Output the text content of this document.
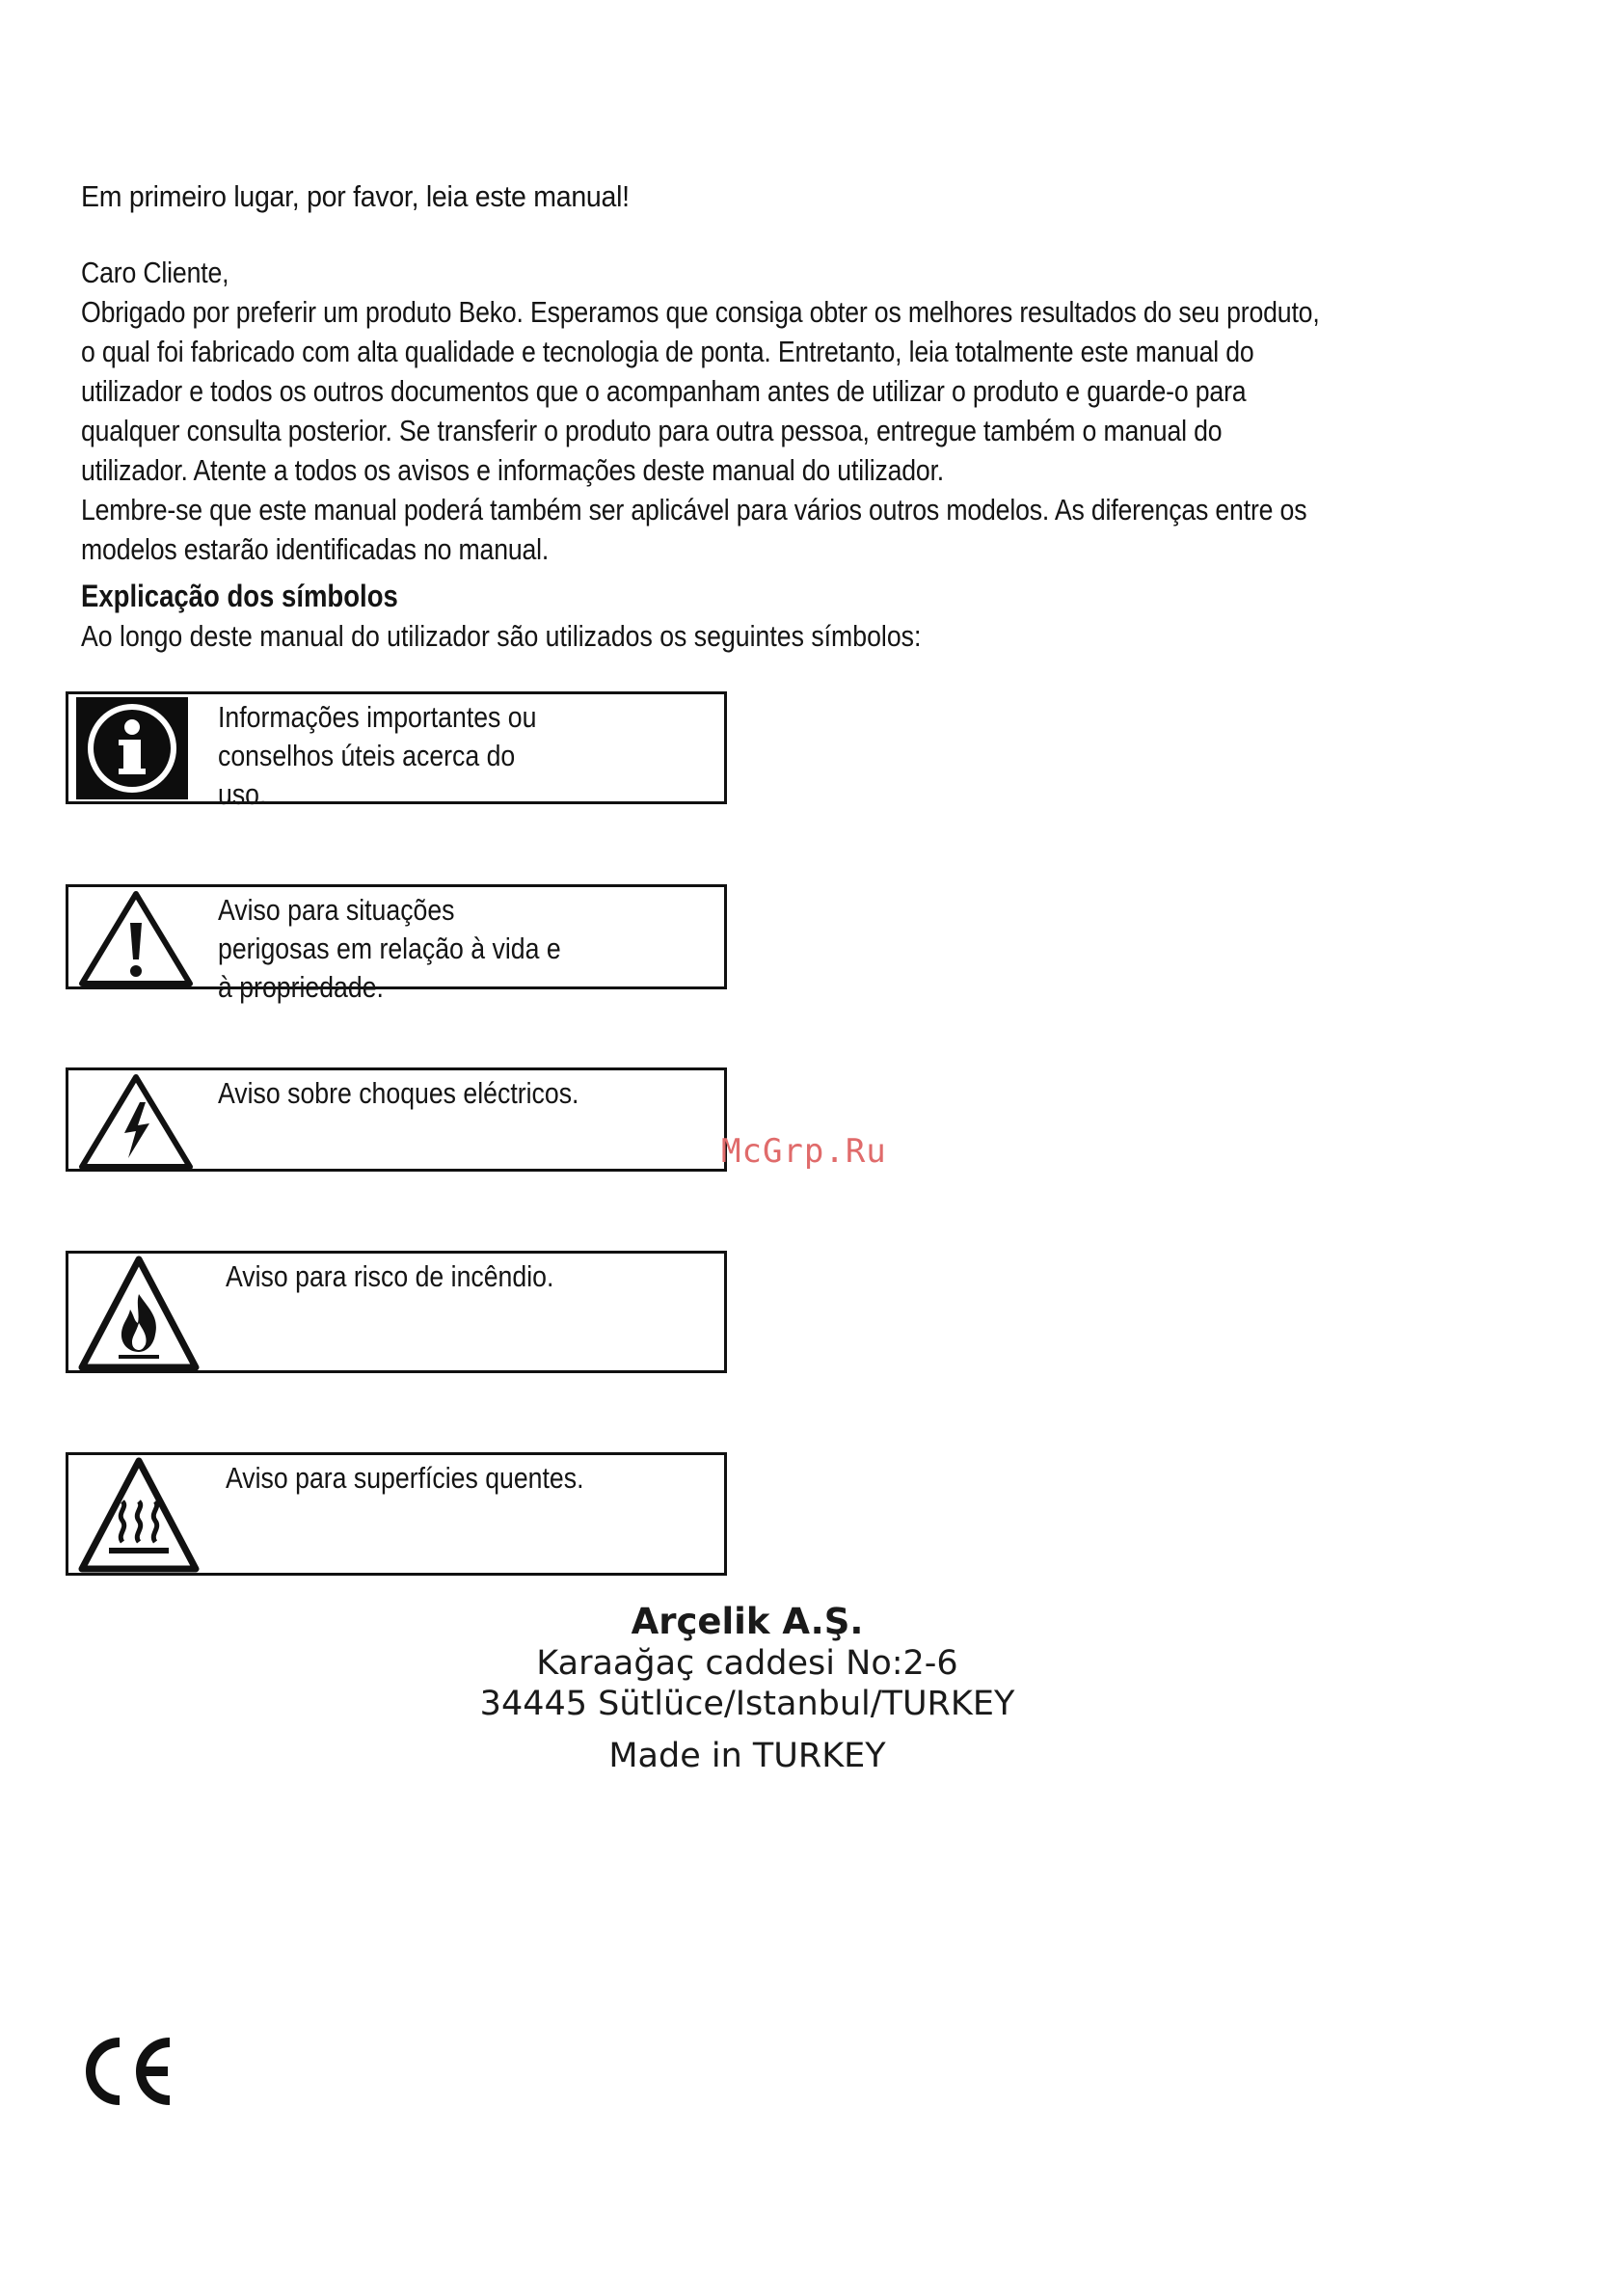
Em primeiro lugar, por favor, leia este manual!

Caro Cliente,

Obrigado por preferir um produto Beko. Esperamos que consiga obter os melhores resultados do seu produto, o qual foi fabricado com alta qualidade e tecnologia de ponta. Entretanto, leia totalmente este manual do utilizador e todos os outros documentos que o acompanham antes de utilizar o produto e guarde-o para qualquer consulta posterior. Se transferir o produto para outra pessoa, entregue também o manual do utilizador. Atente a todos os avisos e informações deste manual do utilizador.

Lembre-se que este manual poderá também ser aplicável para vários outros modelos. As diferenças entre os modelos estarão identificadas no manual.

Explicação dos símbolos

Ao longo deste manual do utilizador são utilizados os seguintes símbolos:

Informações importantes ou conselhos úteis acerca do uso.
Aviso para situações perigosas em relação à vida e à propriedade.
Aviso sobre choques eléctricos.
Aviso para risco de incêndio.
Aviso para superfícies quentes.
McGrp.Ru
Arçelik A.Ş.
Karaağaç caddesi No:2-6
34445 Sütlüce/Istanbul/TURKEY
Made in TURKEY
